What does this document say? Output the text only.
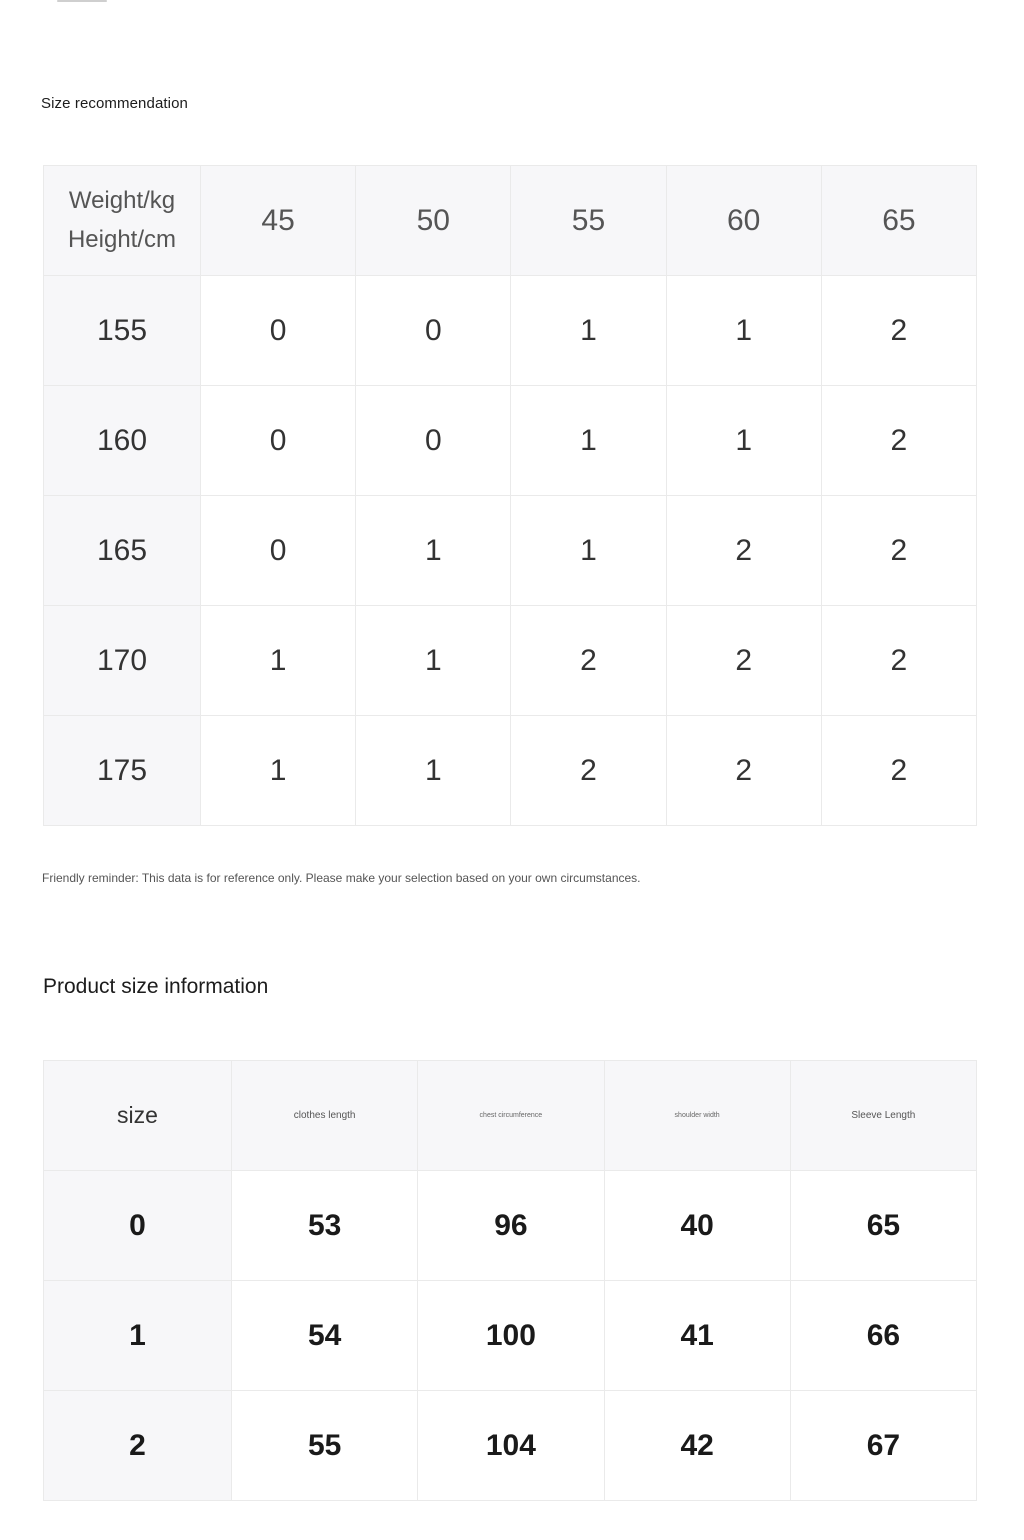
Size recommendation
Weight/kg
Height/cm	45	50	55	60	65
155	0	0	1	1	2
160	0	0	1	1	2
165	0	1	1	2	2
170	1	1	2	2	2
175	1	1	2	2	2
Friendly reminder: This data is for reference only. Please make your selection based on your own circumstances.
Product size information
size	clothes length	chest circumference	shoulder width	Sleeve Length
0	53	96	40	65
1	54	100	41	66
2	55	104	42	67
